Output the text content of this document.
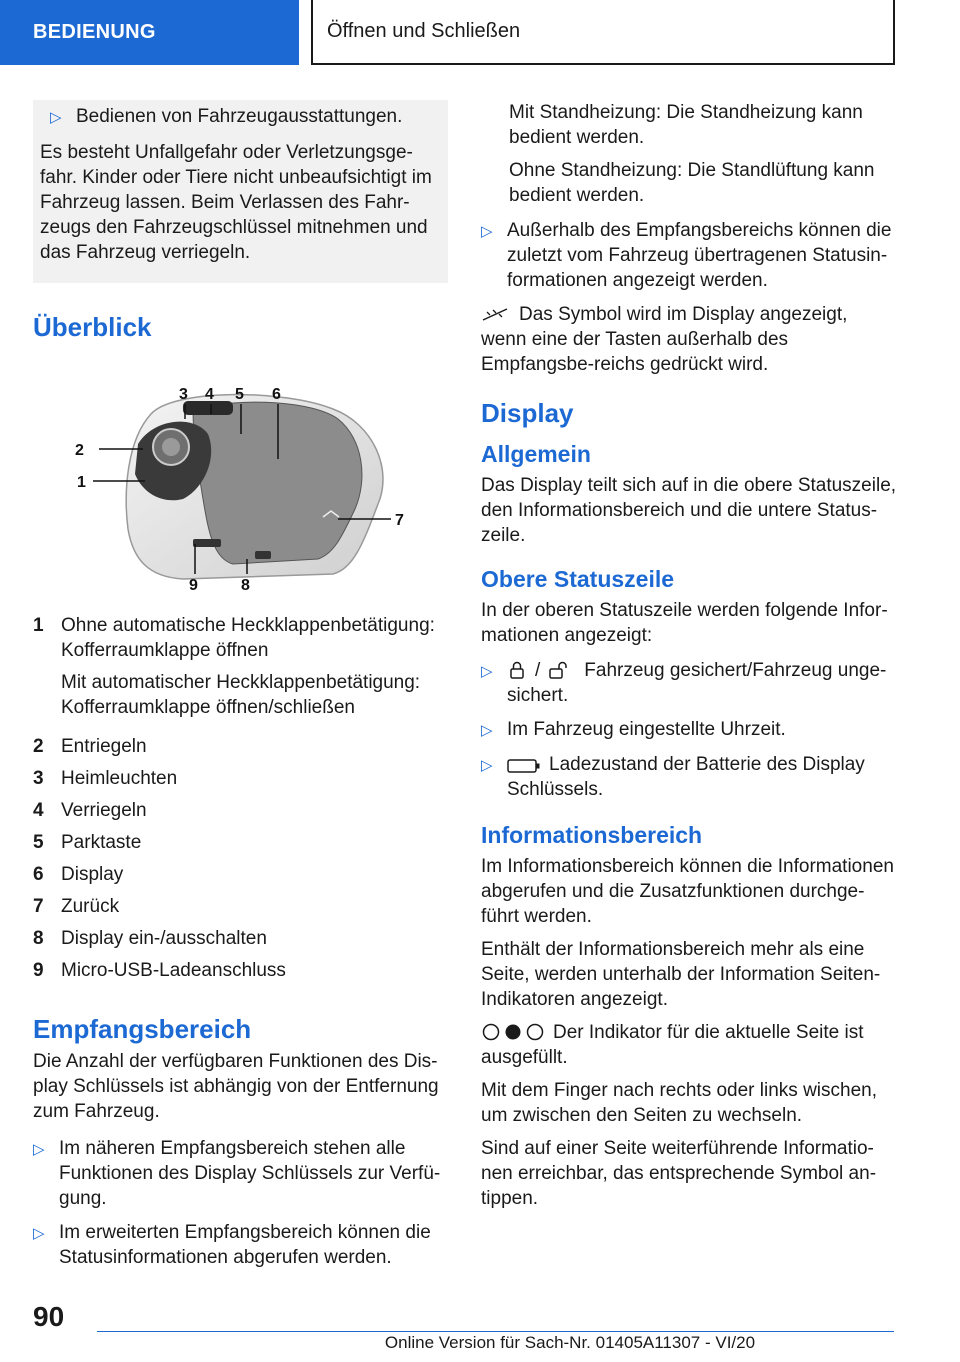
BEDIENUNG	Öffnen und Schließen
▷ Bedienen von Fahrzeugausstattungen.
Es besteht Unfallgefahr oder Verletzungsge-fahr. Kinder oder Tiere nicht unbeaufsichtigt im Fahrzeug lassen. Beim Verlassen des Fahr-zeugs den Fahrzeugschlüssel mitnehmen und das Fahrzeug verriegeln.
Überblick
1
2
3 4 5 6
7
8
9
1 Ohne automatische Heckklappenbetätigung: Kofferraumklappe öffnen

Mit automatischer Heckklappenbetätigung: Kofferraumklappe öffnen/schließen

2 Entriegeln
3 Heimleuchten
4 Verriegeln
5 Parktaste
6 Display
7 Zurück
8 Display ein-/ausschalten
9 Micro-USB-Ladeanschluss
Empfangsbereich

Die Anzahl der verfügbaren Funktionen des Dis-play Schlüssels ist abhängig von der Entfernung zum Fahrzeug.

▷ Im näheren Empfangsbereich stehen alle Funktionen des Display Schlüssels zur Verfü-gung.
▷ Im erweiterten Empfangsbereich können die Statusinformationen abgerufen werden.

Mit Standheizung: Die Standheizung kann bedient werden.

Ohne Standheizung: Die Standlüftung kann bedient werden.

▷ Außerhalb des Empfangsbereichs können die zuletzt vom Fahrzeug übertragenen Statusin-formationen angezeigt werden.

Das Symbol wird im Display angezeigt, wenn eine der Tasten außerhalb des Empfangsbe-reichs gedrückt wird.

Display
Allgemein

Das Display teilt sich auf in die obere Statuszeile, den Informationsbereich und die untere Status-zeile.

Obere Statuszeile

In der oberen Statuszeile werden folgende Infor-mationen angezeigt:

▷	/ Fahrzeug gesichert/Fahrzeug unge-sichert.
▷ Im Fahrzeug eingestellte Uhrzeit.
▷	Ladezustand der Batterie des Display Schlüssels.
Informationsbereich

Im Informationsbereich können die Informationen abgerufen und die Zusatzfunktionen durchge-führt werden.

Enthält der Informationsbereich mehr als eine Seite, werden unterhalb der Information Seiten-Indikatoren angezeigt.

Der Indikator für die aktuelle Seite ist ausgefüllt.

Mit dem Finger nach rechts oder links wischen, um zwischen den Seiten zu wechseln.

Sind auf einer Seite weiterführende Informatio-nen erreichbar, das entsprechende Symbol an-tippen.

90
Online Version für Sach-Nr. 01405A11307 - VI/20
